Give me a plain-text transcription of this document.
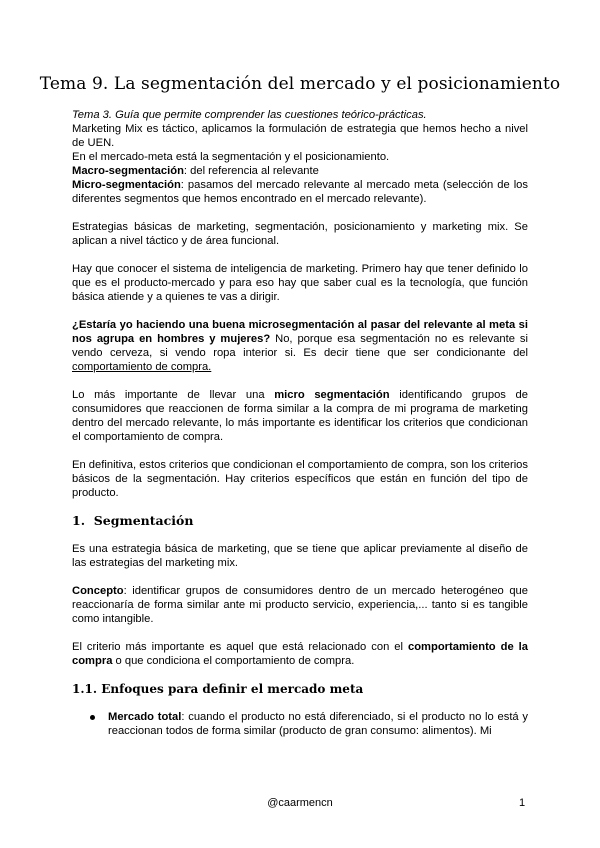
Tema 9. La segmentación del mercado y el posicionamiento

Tema 3. Guía que permite comprender las cuestiones teórico-prácticas.

Marketing Mix es táctico, aplicamos la formulación de estrategia que hemos hecho a nivel de UEN.

En el mercado-meta está la segmentación y el posicionamiento.

Macro-segmentación: del referencia al relevante

Micro-segmentación: pasamos del mercado relevante al mercado meta (selección de los diferentes segmentos que hemos encontrado en el mercado relevante).

Estrategias básicas de marketing, segmentación, posicionamiento y marketing mix. Se aplican a nivel táctico y de área funcional.

Hay que conocer el sistema de inteligencia de marketing. Primero hay que tener definido lo que es el producto-mercado y para eso hay que saber cual es la tecnología, que función básica atiende y a quienes te vas a dirigir.

¿Estaría yo haciendo una buena microsegmentación al pasar del relevante al meta si nos agrupa en hombres y mujeres? No, porque esa segmentación no es relevante si vendo cerveza, si vendo ropa interior si. Es decir tiene que ser condicionante del comportamiento de compra.

Lo más importante de llevar una micro segmentación identificando grupos de consumidores que reaccionen de forma similar a la compra de mi programa de marketing dentro del mercado relevante, lo más importante es identificar los criterios que condicionan el comportamiento de compra.

En definitiva, estos criterios que condicionan el comportamiento de compra, son los criterios básicos de la segmentación. Hay criterios específicos que están en función del tipo de producto.

1. Segmentación

Es una estrategia básica de marketing, que se tiene que aplicar previamente al diseño de las estrategias del marketing mix.

Concepto: identificar grupos de consumidores dentro de un mercado heterogéneo que reaccionaría de forma similar ante mi producto servicio, experiencia,... tanto si es tangible como intangible.

El criterio más importante es aquel que está relacionado con el comportamiento de la compra o que condiciona el comportamiento de compra.

1.1. Enfoques para definir el mercado meta

Mercado total: cuando el producto no está diferenciado, si el producto no lo está y reaccionan todos de forma similar (producto de gran consumo: alimentos). Mi

@caarmencn	1
